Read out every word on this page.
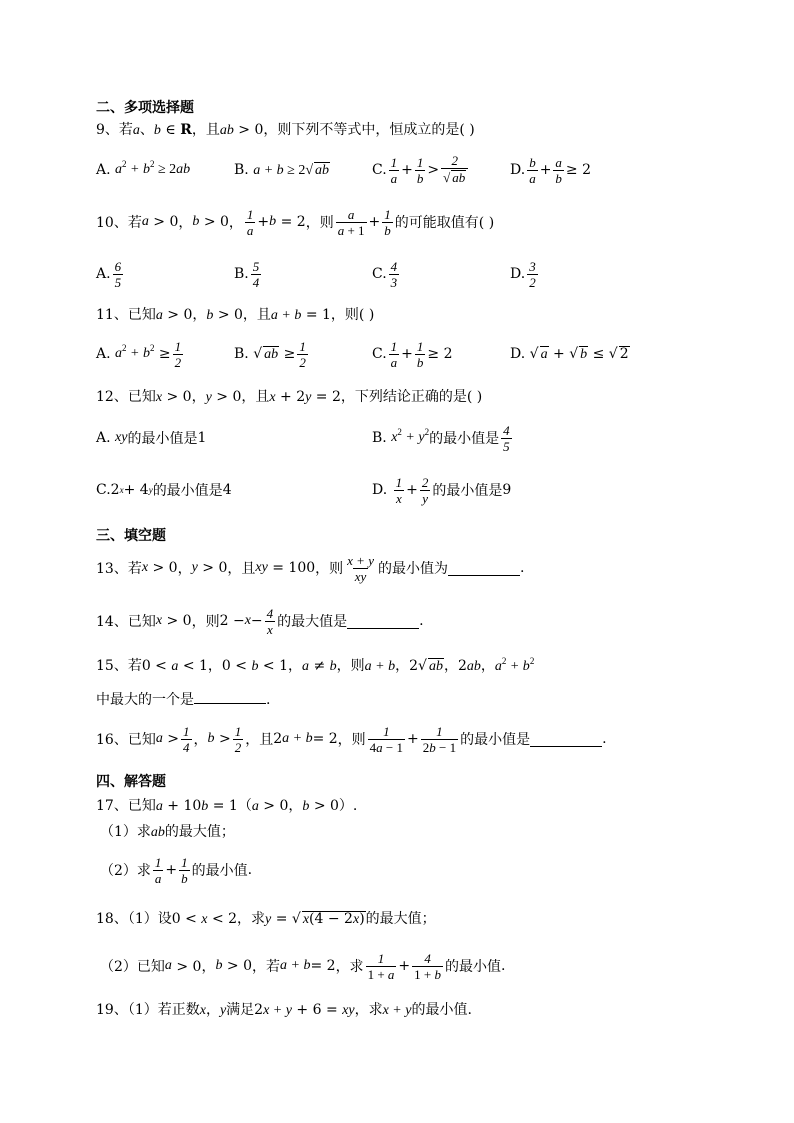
二、多项选择题
9、若a、b ∈ R，且ab > 0，则下列不等式中，恒成立的是( )
A.
$a^2 + b^2 \ge 2ab$	B.
a + b ≥ 2√ ab	C. $\frac{1}{a} + \frac{1}{b} > \frac{2}{√ ab}$	D. $\frac{b}{a} + \frac{a}{b} \ge 2$
10、若 a > 0 ， b > 0 ， $\frac{1}{a} + b = 2$ ，则 $\frac{a}{a + 1} + \frac{1}{b}$ 的可能取值有( )
A. $\frac{6}{5}$	B. $\frac{5}{4}$	C. $\frac{4}{3}$	D. $\frac{3}{2}$
11、已知a > 0，b > 0，且a + b = 1，则( )
A.
$a^2 + b^2 \ge \frac{1}{2}$	B. √ ab ≥ $\frac{1}{2}$	C. $\frac{1}{a} + \frac{1}{b} \ge 2$	D. √ a + √ b ≤ √ 2
12、已知x > 0，y > 0，且x + 2y = 2，下列结论正确的是( )
A.
xy 的最小值是 1	B.
$x^2 + y^2$ 的最小值是 $\frac{4}{5}$
C. 2 x + 4 y 的最小值是 4	D.
$\frac{1}{x} + \frac{2}{y}$ 的最小值是 9
三、填空题
13、若 x > 0 ， y > 0 ，且 xy = 100 ，则 $\frac{x + y}{xy}$ 的最小值为	.
14、已知 x > 0 ，则 $2 - x - \frac{4}{x}$ 的最大值是	.
15、若0 < a < 1，0 < b < 1，a ≠ b，则a + b，2√ ab，2ab，$a^2 + b^2$
中最大的一个是	.
16、已知 $a > \frac{1}{4}$ ， $b > \frac{1}{2}$ ，且 2 a + b = 2 ，则 $\frac{1}{4a - 1} + \frac{1}{2b - 1}$ 的最小值是	.
四、解答题
17、已知a + 10b = 1（a > 0，b > 0）.
（1）求ab的最大值；
（2）求 $\frac{1}{a} + \frac{1}{b}$ 的最小值 .
18、（1）设0 < x < 2，求y = √ x(4 − 2x)的最大值；
（2）已知 a > 0， b > 0 ，若 a + b = 2 ，求 $\frac{1}{1 + a} + \frac{4}{1 + b}$ 的最小值 .
19、（1）若正数x，y满足2x + y + 6 = xy，求x + y的最小值.
